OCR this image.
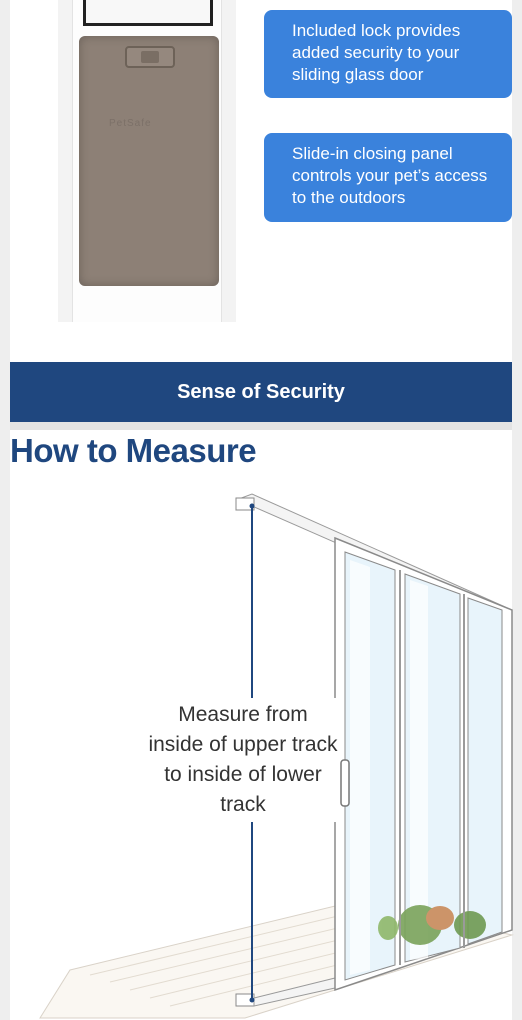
PetSafe
Included lock provides added security to your sliding glass door
Slide-in closing panel controls your pet’s access to the outdoors
Sense of Security
How to Measure
Measure from inside of upper track to inside of lower track
